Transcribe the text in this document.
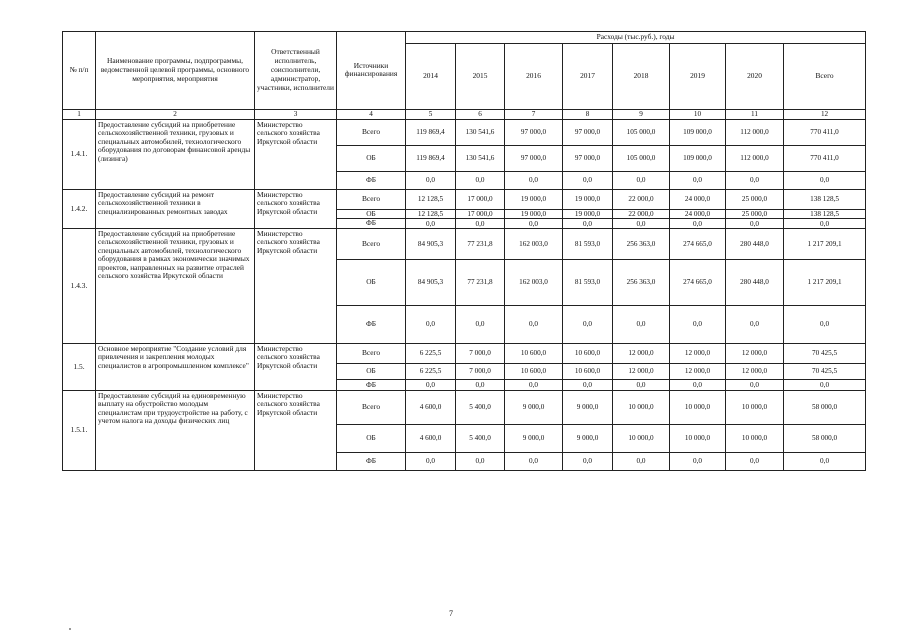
№ п/п	Наименование программы, подпрограммы, ведомственной целевой программы, основного мероприятия, мероприятия	Ответственный исполнитель, соисполнители, администратор, участники, исполнители	Источники финансирования	Расходы (тыс.руб.), годы							
				2014	2015	2016	2017	2018	2019	2020	Всего
1	2	3	4	5	6	7	8	9	10	11	12
1.4.1.	Предоставление субсидий на приобретение сельскохозяйственной техники, грузовых и специальных автомобилей, технологического оборудования по договорам финансовой аренды (лизинга)	Министерство сельского хозяйства Иркутской области	Всего	119 869,4	130 541,6	97 000,0	97 000,0	105 000,0	109 000,0	112 000,0	770 411,0
			ОБ	119 869,4	130 541,6	97 000,0	97 000,0	105 000,0	109 000,0	112 000,0	770 411,0
			ФБ	0,0	0,0	0,0	0,0	0,0	0,0	0,0	0,0
1.4.2.	Предоставление субсидий на ремонт сельскохозяйственной техники в специализированных ремонтных заводах	Министерство сельского хозяйства Иркутской области	Всего	12 128,5	17 000,0	19 000,0	19 000,0	22 000,0	24 000,0	25 000,0	138 128,5
			ОБ	12 128,5	17 000,0	19 000,0	19 000,0	22 000,0	24 000,0	25 000,0	138 128,5
			ФБ	0,0	0,0	0,0	0,0	0,0	0,0	0,0	0,0
1.4.3.	Предоставление субсидий на приобретение сельскохозяйственной техники, грузовых и специальных автомобилей, технологического оборудования в рамках экономически значимых проектов, направленных на развитие отраслей сельского хозяйства Иркутской области	Министерство сельского хозяйства Иркутской области	Всего	84 905,3	77 231,8	162 003,0	81 593,0	256 363,0	274 665,0	280 448,0	1 217 209,1
			ОБ	84 905,3	77 231,8	162 003,0	81 593,0	256 363,0	274 665,0	280 448,0	1 217 209,1
			ФБ	0,0	0,0	0,0	0,0	0,0	0,0	0,0	0,0
1.5.	Основное мероприятие "Создание условий для привлечения и закрепления молодых специалистов в агропромышленном комплексе"	Министерство сельского хозяйства Иркутской области	Всего	6 225,5	7 000,0	10 600,0	10 600,0	12 000,0	12 000,0	12 000,0	70 425,5
			ОБ	6 225,5	7 000,0	10 600,0	10 600,0	12 000,0	12 000,0	12 000,0	70 425,5
			ФБ	0,0	0,0	0,0	0,0	0,0	0,0	0,0	0,0
1.5.1.	Предоставление субсидий на единовременную выплату на обустройство молодым специалистам при трудоустройстве на работу, с учетом налога на доходы физических лиц	Министерство сельского хозяйства Иркутской области	Всего	4 600,0	5 400,0	9 000,0	9 000,0	10 000,0	10 000,0	10 000,0	58 000,0
			ОБ	4 600,0	5 400,0	9 000,0	9 000,0	10 000,0	10 000,0	10 000,0	58 000,0
			ФБ	0,0	0,0	0,0	0,0	0,0	0,0	0,0	0,0
7
